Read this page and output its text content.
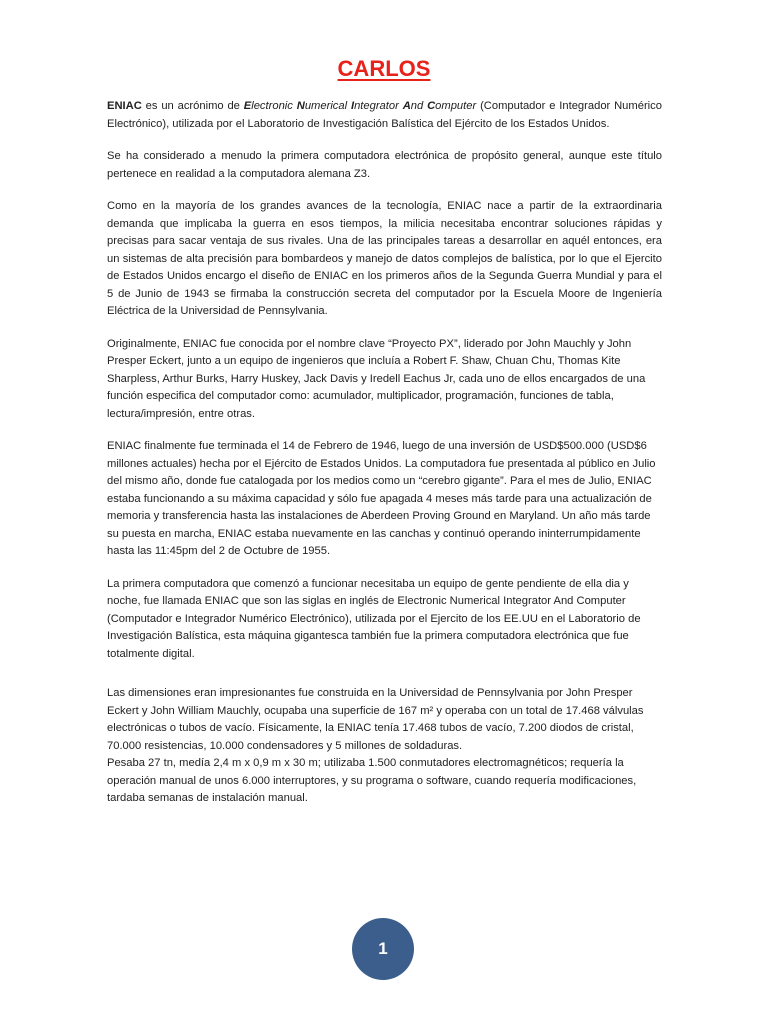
CARLOS

ENIAC es un acrónimo de Electronic Numerical Integrator And Computer (Computador e Integrador Numérico Electrónico), utilizada por el Laboratorio de Investigación Balística del Ejército de los Estados Unidos.

Se ha considerado a menudo la primera computadora electrónica de propósito general, aunque este título pertenece en realidad a la computadora alemana Z3.

Como en la mayoría de los grandes avances de la tecnología, ENIAC nace a partir de la extraordinaria demanda que implicaba la guerra en esos tiempos, la milicia necesitaba encontrar soluciones rápidas y precisas para sacar ventaja de sus rivales. Una de las principales tareas a desarrollar en aquél entonces, era un sistemas de alta precisión para bombardeos y manejo de datos complejos de balística, por lo que el Ejercito de Estados Unidos encargo el diseño de ENIAC en los primeros años de la Segunda Guerra Mundial y para el 5 de Junio de 1943 se firmaba la construcción secreta del computador por la Escuela Moore de Ingeniería Eléctrica de la Universidad de Pennsylvania.

Originalmente, ENIAC fue conocida por el nombre clave “Proyecto PX”, liderado por John Mauchly y John Presper Eckert, junto a un equipo de ingenieros que incluía a Robert F. Shaw, Chuan Chu, Thomas Kite Sharpless, Arthur Burks, Harry Huskey, Jack Davis y Iredell Eachus Jr, cada uno de ellos encargados de una función especifica del computador como: acumulador, multiplicador, programación, funciones de tabla, lectura/impresión, entre otras.

ENIAC finalmente fue terminada el 14 de Febrero de 1946, luego de una inversión de USD$500.000 (USD$6 millones actuales) hecha por el Ejército de Estados Unidos. La computadora fue presentada al público en Julio del mismo año, donde fue catalogada por los medios como un “cerebro gigante”. Para el mes de Julio, ENIAC estaba funcionando a su máxima capacidad y sólo fue apagada 4 meses más tarde para una actualización de memoria y transferencia hasta las instalaciones de Aberdeen Proving Ground en Maryland. Un año más tarde su puesta en marcha, ENIAC estaba nuevamente en las canchas y continuó operando ininterrumpidamente hasta las 11:45pm del 2 de Octubre de 1955.

La primera computadora que comenzó a funcionar necesitaba un equipo de gente pendiente de ella dia y noche, fue llamada ENIAC que son las siglas en inglés de Electronic Numerical Integrator And Computer (Computador e Integrador Numérico Electrónico), utilizada por el Ejercito de los EE.UU en el Laboratorio de Investigación Balística, esta máquina gigantesca también fue la primera computadora electrónica que fue totalmente digital.

Las dimensiones eran impresionantes fue construida en la Universidad de Pennsylvania por John Presper Eckert y John William Mauchly, ocupaba una superficie de 167 m² y operaba con un total de 17.468 válvulas electrónicas o tubos de vacío. Físicamente, la ENIAC tenía 17.468 tubos de vacío, 7.200 diodos de cristal, 70.000 resistencias, 10.000 condensadores y 5 millones de soldaduras.
Pesaba 27 tn, medía 2,4 m x 0,9 m x 30 m; utilizaba 1.500 conmutadores electromagnéticos; requería la operación manual de unos 6.000 interruptores, y su programa o software, cuando requería modificaciones, tardaba semanas de instalación manual.

1
